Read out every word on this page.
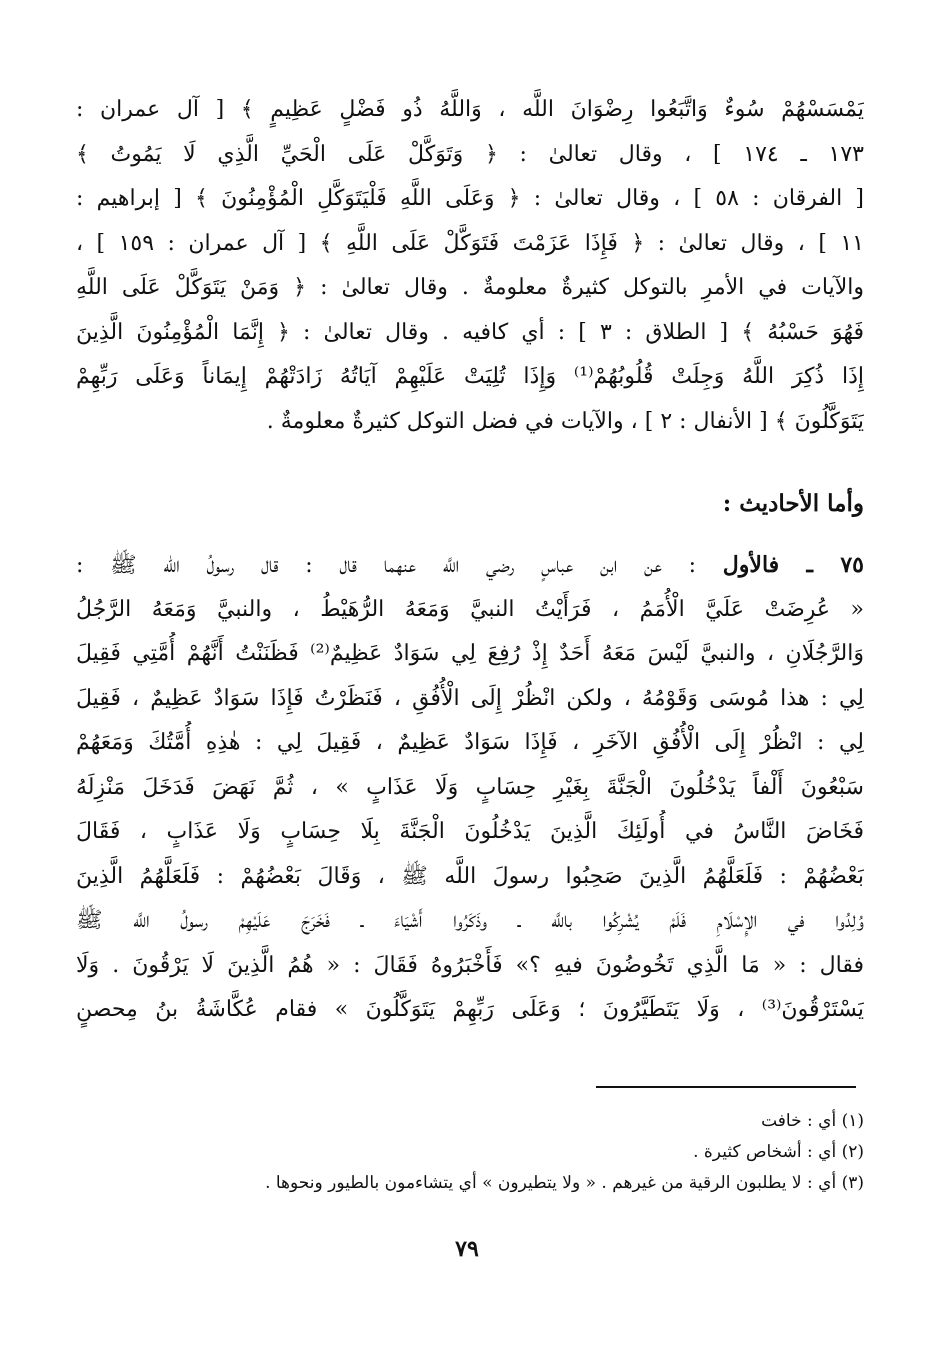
يَمْسَسْهُمْ سُوءٌ وَاتَّبَعُوا رِضْوَانَ اللَّه ، وَاللَّهُ ذُو فَضْلٍ عَظِيمٍ ﴾ [ آل عمران :
١٧٣ ـ ١٧٤ ] ، وقال تعالىٰ : ﴿ وَتَوَكَّلْ عَلَى الْحَيِّ الَّذِي لَا يَمُوتُ ﴾
[ الفرقان : ٥٨ ] ، وقال تعالىٰ : ﴿ وَعَلَى اللَّهِ فَلْيَتَوَكَّلِ الْمُؤْمِنُونَ ﴾ [ إبراهيم :
١١ ] ، وقال تعالىٰ : ﴿ فَإِذَا عَزَمْتَ فَتَوَكَّلْ عَلَى اللَّهِ ﴾ [ آل عمران : ١٥٩ ] ،
والآيات في الأمرِ بالتوكل كثيرةٌ معلومةٌ . وقال تعالىٰ : ﴿ وَمَنْ يَتَوَكَّلْ عَلَى اللَّهِ
فَهُوَ حَسْبُهُ ﴾ [ الطلاق : ٣ ] : أي كافيه . وقال تعالىٰ : ﴿ إِنَّمَا الْمُؤْمِنُونَ الَّذِينَ
إِذَا ذُكِرَ اللَّهُ وَجِلَتْ قُلُوبُهُمْ⁽¹⁾ وَإِذَا تُلِيَتْ عَلَيْهِمْ آيَاتُهُ زَادَتْهُمْ إِيمَاناً وَعَلَى رَبِّهِمْ
يَتَوَكَّلُونَ ﴾ [ الأنفال : ٢ ] ، والآيات في فضل التوكل كثيرةٌ معلومةٌ .
وأما الأحاديث :
٧٥ ـ فالأول : عن ابن عباسٍ رضي اللَّه عنهما قال : قال رسولُ الله ﷺ :
« عُرِضَتْ عَلَيَّ الْأُمَمُ ، فَرَأَيْتُ النبيَّ وَمَعَهُ الرُّهَيْطُ ، والنبيَّ وَمَعَهُ الرَّجُلُ
وَالرَّجُلَانِ ، والنبيَّ لَيْسَ مَعَهُ أَحَدٌ إِذْ رُفِعَ لِي سَوَادٌ عَظِيمٌ⁽²⁾ فَظَنَنْتُ أَنَّهُمْ أُمَّتِي فَقِيلَ
لِي : هذا مُوسَى وَقَوْمُهُ ، ولكن انْظُرْ إِلَى الْأُفُقِ ، فَنَظَرْتُ فَإِذَا سَوَادٌ عَظِيمٌ ، فَقِيلَ
لِي : انْظُرْ إِلَى الْأُفُقِ الآخَرِ ، فَإِذَا سَوَادٌ عَظِيمٌ ، فَقِيلَ لِي : هٰذِهِ أُمَّتُكَ وَمَعَهُمْ
سَبْعُونَ أَلْفاً يَدْخُلُونَ الْجَنَّةَ بِغَيْرِ حِسَابٍ وَلَا عَذَابٍ » ، ثُمَّ نَهَضَ فَدَخَلَ مَنْزِلَهُ
فَخَاضَ النَّاسُ في أُولَئِكَ الَّذِينَ يَدْخُلُونَ الْجَنَّةَ بِلَا حِسَابٍ وَلَا عَذَابٍ ، فَقَالَ
بَعْضُهُمْ : فَلَعَلَّهُمُ الَّذِينَ صَحِبُوا رسولَ اللَّه ﷺ ، وَقَالَ بَعْضُهُمْ : فَلَعَلَّهُمُ الَّذِينَ
وُلِدُوا في الإِسْلَامِ فَلَمْ يُشْرِكُوا باللَّه ـ وذَكَرُوا أَشْيَاءَ ـ فَخَرَجَ عَلَيْهِمْ رسولُ اللَّه ﷺ
فقال : « مَا الَّذِي تَخُوضُونَ فيهِ ؟» فَأَخْبَرُوهُ فَقَالَ : « هُمُ الَّذِينَ لَا يَرْقُونَ . وَلَا
يَسْتَرْقُونَ⁽³⁾ ، وَلَا يَتَطَيَّرُونَ ؛ وَعَلَى رَبِّهِمْ يَتَوَكَّلُونَ » فقام عُكَّاشَةُ بنُ مِحصنٍ
(١) أي : خافت
(٢) أي : أشخاص كثيرة .
(٣) أي : لا يطلبون الرقية من غيرهم . « ولا يتطيرون » أي يتشاءمون بالطيور ونحوها .
٧٩
